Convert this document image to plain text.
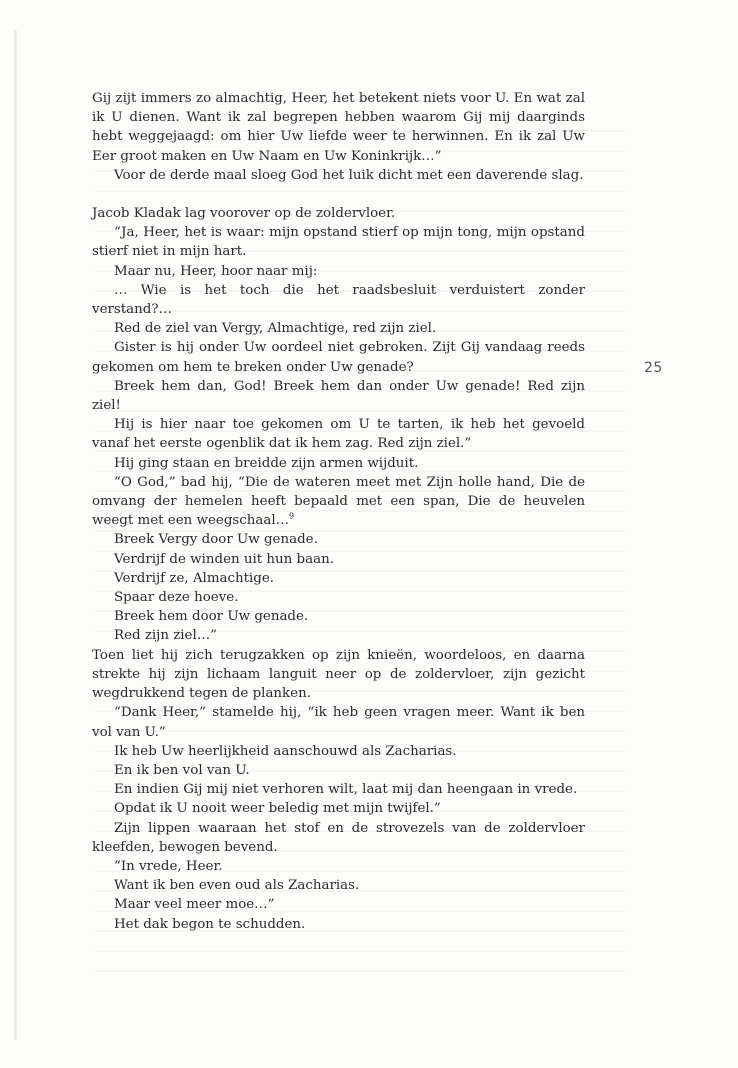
Gij zijt immers zo almachtig, Heer, het betekent niets voor U. En wat zal ik U dienen. Want ik zal begrepen hebben waarom Gij mij daarginds hebt weggejaagd: om hier Uw liefde weer te herwinnen. En ik zal Uw Eer groot maken en Uw Naam en Uw Koninkrijk…”

Voor de derde maal sloeg God het luik dicht met een daverende slag.

Jacob Kladak lag voorover op de zoldervloer.

“Ja, Heer, het is waar: mijn opstand stierf op mijn tong, mijn opstand stierf niet in mijn hart.

Maar nu, Heer, hoor naar mij:

… Wie is het toch die het raadsbesluit verduistert zonder verstand?…

Red de ziel van Vergy, Almachtige, red zijn ziel.

Gister is hij onder Uw oordeel niet gebroken. Zijt Gij vandaag reeds gekomen om hem te breken onder Uw genade?

Breek hem dan, God! Breek hem dan onder Uw genade! Red zijn ziel!

Hij is hier naar toe gekomen om U te tarten, ik heb het gevoeld vanaf het eerste ogenblik dat ik hem zag. Red zijn ziel.”

Hij ging staan en breidde zijn armen wijduit.

“O God,” bad hij, “Die de wateren meet met Zijn holle hand, Die de omvang der hemelen heeft bepaald met een span, Die de heuvelen weegt met een weegschaal…$^9$

Breek Vergy door Uw genade.

Verdrijf de winden uit hun baan.

Verdrijf ze, Almachtige.

Spaar deze hoeve.

Breek hem door Uw genade.

Red zijn ziel…”

Toen liet hij zich terugzakken op zijn knieën, woordeloos, en daarna strekte hij zijn lichaam languit neer op de zoldervloer, zijn gezicht wegdrukkend tegen de planken.

“Dank Heer,” stamelde hij, “ik heb geen vragen meer. Want ik ben vol van U.”

Ik heb Uw heerlijkheid aanschouwd als Zacharias.

En ik ben vol van U.

En indien Gij mij niet verhoren wilt, laat mij dan heengaan in vrede.

Opdat ik U nooit weer beledig met mijn twijfel.”

Zijn lippen waaraan het stof en de strovezels van de zoldervloer kleefden, bewogen bevend.

“In vrede, Heer.

Want ik ben even oud als Zacharias.

Maar veel meer moe…”

Het dak begon te schudden.

25
